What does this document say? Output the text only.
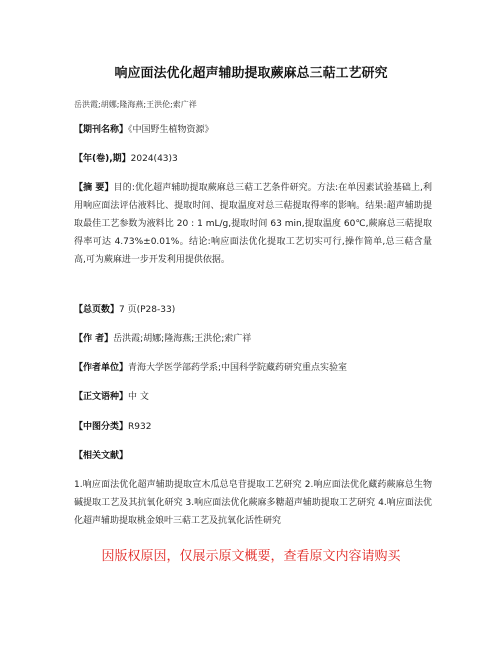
响应面法优化超声辅助提取蕨麻总三萜工艺研究
岳洪霞;胡娜;隆海燕;王洪伦;索广祥
【期刊名称】《中国野生植物资源》
【年(卷),期】2024(43)3
【摘 要】目的:优化超声辅助提取蕨麻总三萜工艺条件研究。方法:在单因素试验基础上,利用响应面法评估液料比、提取时间、提取温度对总三萜提取得率的影响。结果:超声辅助提取最佳工艺参数为液料比 20 : 1 mL/g,提取时间 63 min,提取温度 60℃,蕨麻总三萜提取得率可达 4.73%±0.01%。结论:响应面法优化提取工艺切实可行,操作简单,总三萜含量高,可为蕨麻进一步开发利用提供依据。
【总页数】7 页(P28-33)
【作 者】岳洪霞;胡娜;隆海燕;王洪伦;索广祥
【作者单位】青海大学医学部药学系;中国科学院藏药研究重点实验室
【正文语种】中 文
【中图分类】R932
【相关文献】
1.响应面法优化超声辅助提取宣木瓜总皂苷提取工艺研究 2.响应面法优化藏药蕨麻总生物碱提取工艺及其抗氧化研究 3.响应面法优化蕨麻多糖超声辅助提取工艺研究 4.响应面法优化超声辅助提取桃金娘叶三萜工艺及抗氧化活性研究
因版权原因，仅展示原文概要，查看原文内容请购买
